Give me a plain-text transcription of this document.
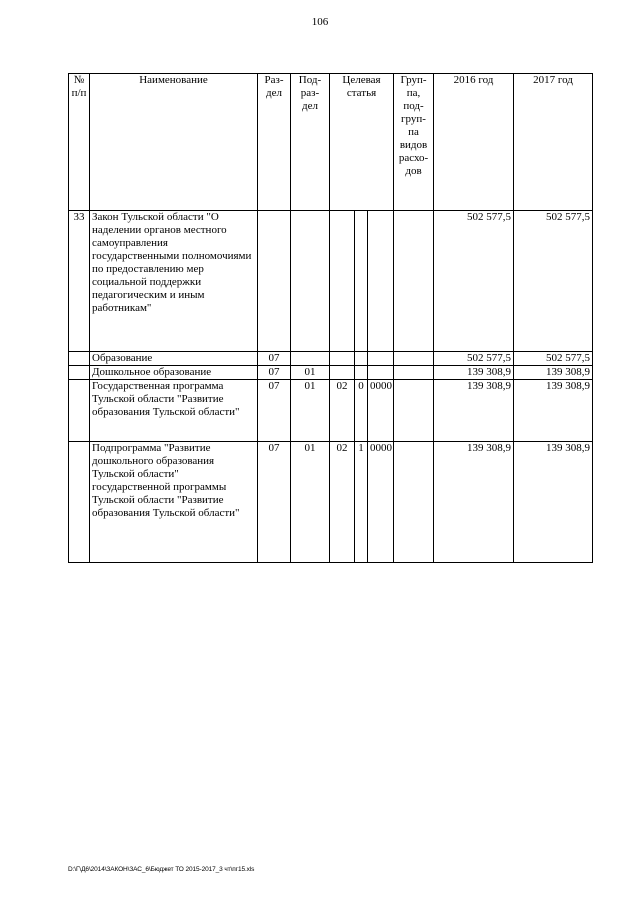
106
№ п/п	Наименование	Раз-дел	Под-раз-дел	Целевая статья			Груп-па, под-груп-па видов расхо-дов	2016 год	2017 год
33	Закон Тульской области "О наделении органов местного самоуправления государственными полномочиями по предоставлению мер социальной поддержки педагогическим и иным работникам"							502 577,5	502 577,5
	Образование	07						502 577,5	502 577,5
	Дошкольное образование	07	01					139 308,9	139 308,9
	Государственная программа Тульской области "Развитие образования Тульской области"	07	01	02	0	0000		139 308,9	139 308,9
	Подпрограмма "Развитие дошкольного образования Тульской области" государственной программы Тульской области "Развитие образования Тульской области"	07	01	02	1	0000		139 308,9	139 308,9
D:\Г\Д6\2014\ЗАКОН\ЗАС_6\Бюджет ТО 2015-2017_3 чт\пг15.xls
